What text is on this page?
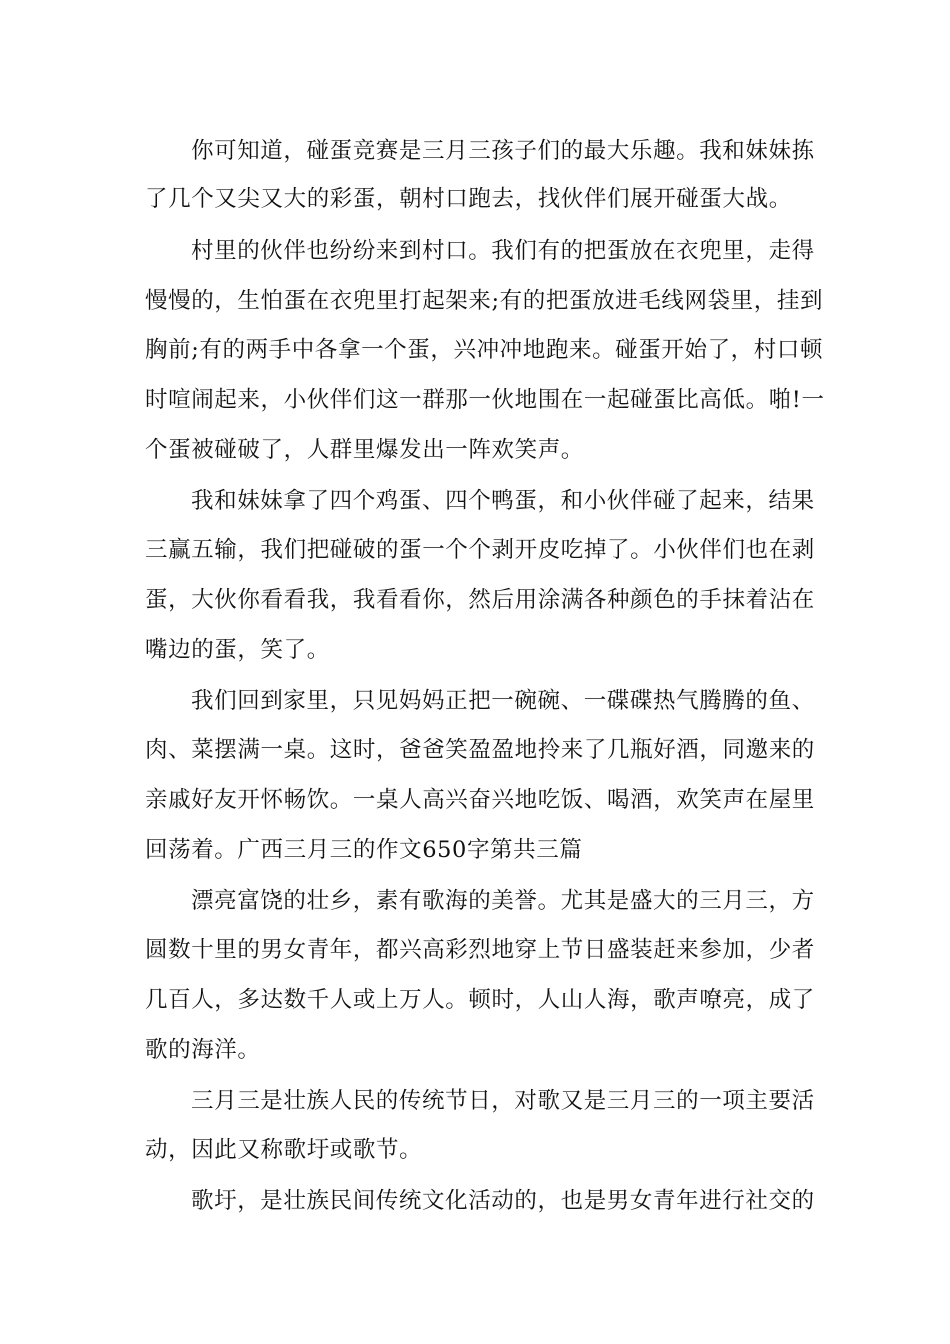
你可知道，碰蛋竞赛是三月三孩子们的最大乐趣。我和妹妹拣
了几个又尖又大的彩蛋，朝村口跑去，找伙伴们展开碰蛋大战。
村里的伙伴也纷纷来到村口。我们有的把蛋放在衣兜里，走得
慢慢的，生怕蛋在衣兜里打起架来;有的把蛋放进毛线网袋里，挂到
胸前;有的两手中各拿一个蛋，兴冲冲地跑来。碰蛋开始了，村口顿
时喧闹起来，小伙伴们这一群那一伙地围在一起碰蛋比高低。啪!一
个蛋被碰破了，人群里爆发出一阵欢笑声。
我和妹妹拿了四个鸡蛋、四个鸭蛋，和小伙伴碰了起来，结果
三赢五输，我们把碰破的蛋一个个剥开皮吃掉了。小伙伴们也在剥
蛋，大伙你看看我，我看看你，然后用涂满各种颜色的手抹着沾在
嘴边的蛋，笑了。
我们回到家里，只见妈妈正把一碗碗、一碟碟热气腾腾的鱼、
肉、菜摆满一桌。这时，爸爸笑盈盈地拎来了几瓶好酒，同邀来的
亲戚好友开怀畅饮。一桌人高兴奋兴地吃饭、喝酒，欢笑声在屋里
回荡着。广西三月三的作文650字第共三篇
漂亮富饶的壮乡，素有歌海的美誉。尤其是盛大的三月三，方
圆数十里的男女青年，都兴高彩烈地穿上节日盛装赶来参加，少者
几百人，多达数千人或上万人。顿时，人山人海，歌声嘹亮，成了
歌的海洋。
三月三是壮族人民的传统节日，对歌又是三月三的一项主要活
动，因此又称歌圩或歌节。
歌圩，是壮族民间传统文化活动的，也是男女青年进行社交的
